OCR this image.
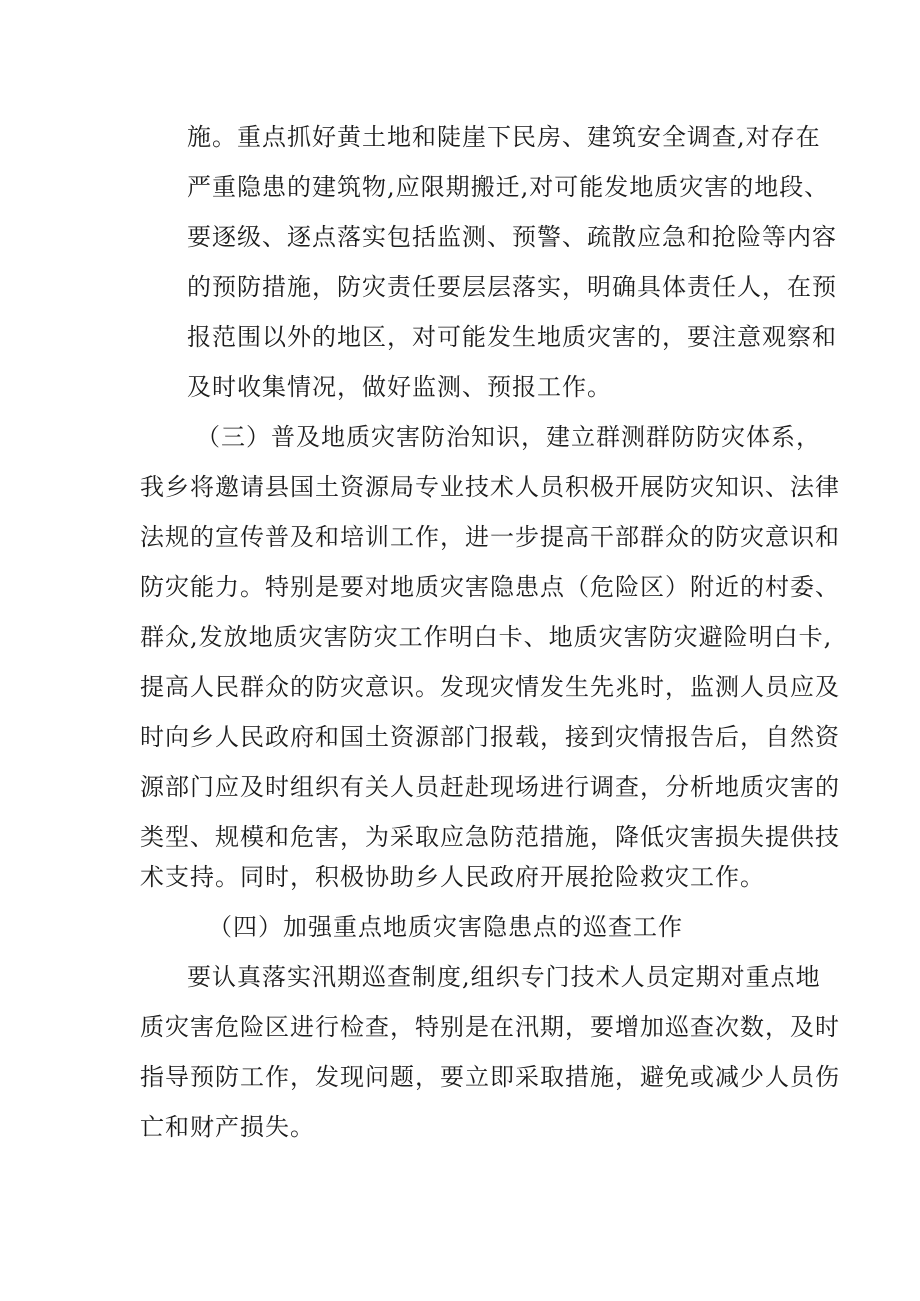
施。重点抓好黄土地和陡崖下民房、建筑安全调查,对存在
严重隐患的建筑物,应限期搬迁,对可能发地质灾害的地段、
要逐级、逐点落实包括监测、预警、疏散应急和抢险等内容
的预防措施，防灾责任要层层落实，明确具体责任人，在预
报范围以外的地区，对可能发生地质灾害的，要注意观察和
及时收集情况，做好监测、预报工作。
（三）普及地质灾害防治知识，建立群测群防防灾体系，
我乡将邀请县国土资源局专业技术人员积极开展防灾知识、法律
法规的宣传普及和培训工作，进一步提高干部群众的防灾意识和
防灾能力。特别是要对地质灾害隐患点（危险区）附近的村委、
群众,发放地质灾害防灾工作明白卡、地质灾害防灾避险明白卡,
提高人民群众的防灾意识。发现灾情发生先兆时，监测人员应及
时向乡人民政府和国土资源部门报载，接到灾情报告后，自然资
源部门应及时组织有关人员赶赴现场进行调查，分析地质灾害的
类型、规模和危害，为采取应急防范措施，降低灾害损失提供技
术支持。同时，积极协助乡人民政府开展抢险救灾工作。
（四）加强重点地质灾害隐患点的巡查工作
要认真落实汛期巡查制度,组织专门技术人员定期对重点地
质灾害危险区进行检查，特别是在汛期，要增加巡查次数，及时
指导预防工作，发现问题，要立即采取措施，避免或减少人员伤
亡和财产损失。
